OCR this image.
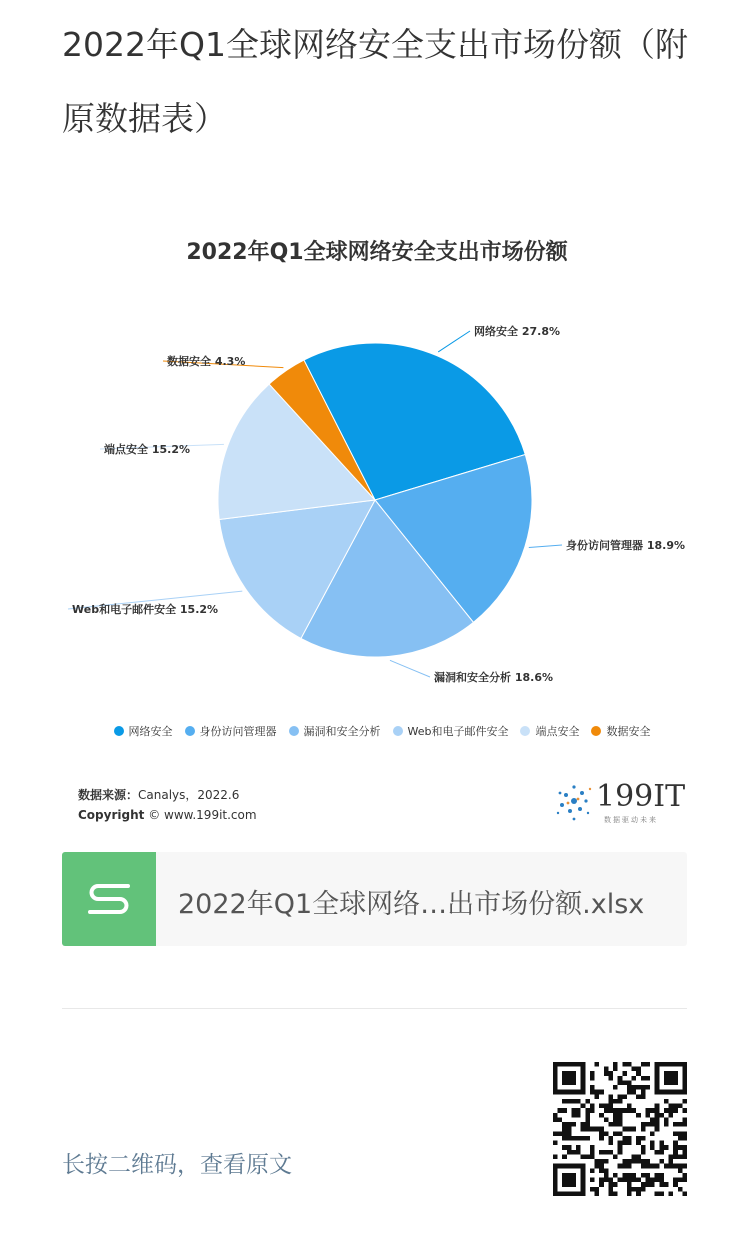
2022年Q1全球网络安全支出市场份额（附原数据表）
网络安全 27.8%
身份访问管理器 18.9%
漏洞和安全分析 18.6%
Web和电子邮件安全 15.2%
端点安全 15.2%
数据安全 4.3%
2022年Q1全球网络安全支出市场份额
网络安全 身份访问管理器 漏洞和安全分析 Web和电子邮件安全 端点安全 数据安全
数据来源：Canalys，2022.6
Copyright © www.199it.com
199IT
数据驱动未来
2022年Q1全球网络…出市场份额.xlsx
长按二维码，查看原文
